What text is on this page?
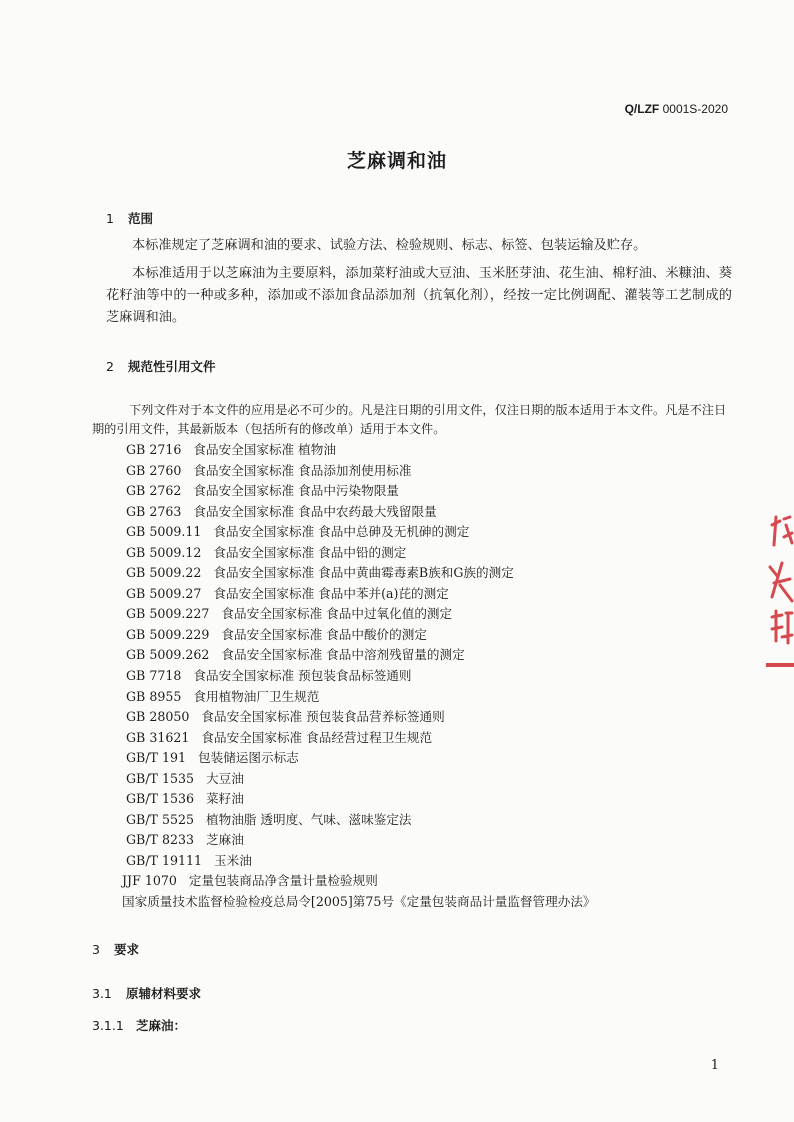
Q/LZF 0001S-2020
芝麻调和油
1 范围

本标准规定了芝麻调和油的要求、试验方法、检验规则、标志、标签、包装运输及贮存。

本标准适用于以芝麻油为主要原料，添加菜籽油或大豆油、玉米胚芽油、花生油、棉籽油、米糠油、葵花籽油等中的一种或多种，添加或不添加食品添加剂（抗氧化剂），经按一定比例调配、灌装等工艺制成的芝麻调和油。

2 规范性引用文件

下列文件对于本文件的应用是必不可少的。凡是注日期的引用文件，仅注日期的版本适用于本文件。凡是不注日期的引用文件，其最新版本（包括所有的修改单）适用于本文件。

GB 2716 食品安全国家标准 植物油
GB 2760 食品安全国家标准 食品添加剂使用标准
GB 2762 食品安全国家标准 食品中污染物限量
GB 2763 食品安全国家标准 食品中农药最大残留限量
GB 5009.11 食品安全国家标准 食品中总砷及无机砷的测定
GB 5009.12 食品安全国家标准 食品中铅的测定
GB 5009.22 食品安全国家标准 食品中黄曲霉毒素B族和G族的测定
GB 5009.27 食品安全国家标准 食品中苯并(a)芘的测定
GB 5009.227 食品安全国家标准 食品中过氧化值的测定
GB 5009.229 食品安全国家标准 食品中酸价的测定
GB 5009.262 食品安全国家标准 食品中溶剂残留量的测定
GB 7718 食品安全国家标准 预包装食品标签通则
GB 8955 食用植物油厂卫生规范
GB 28050 食品安全国家标准 预包装食品营养标签通则
GB 31621 食品安全国家标准 食品经营过程卫生规范
GB/T 191 包装储运图示标志
GB/T 1535 大豆油
GB/T 1536 菜籽油
GB/T 5525 植物油脂 透明度、气味、滋味鉴定法
GB/T 8233 芝麻油
GB/T 19111 玉米油
JJF 1070 定量包装商品净含量计量检验规则
国家质量技术监督检验检疫总局令[2005]第75号《定量包装商品计量监督管理办法》
3 要求
3.1 原辅材料要求
3.1.1 芝麻油：
1
